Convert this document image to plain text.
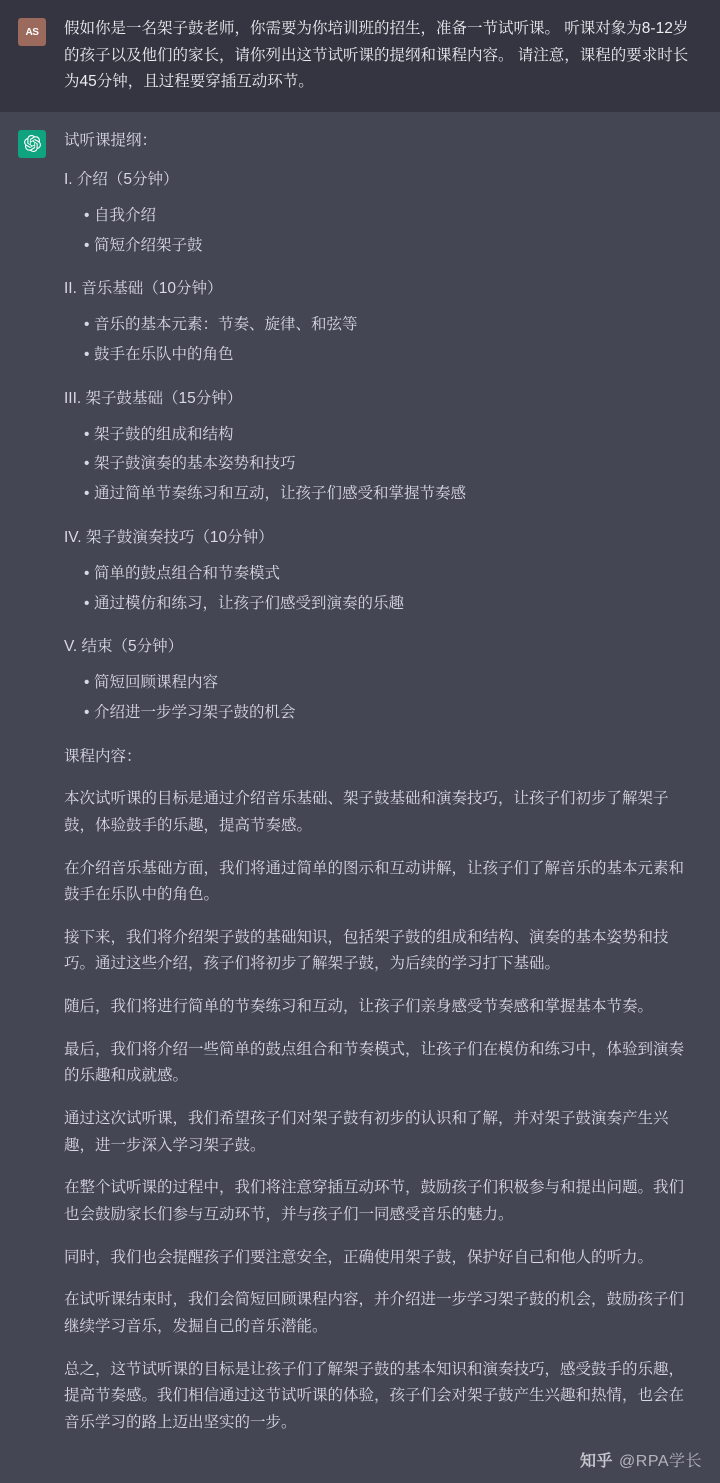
AS 假如你是一名架子鼓老师，你需要为你培训班的招生，准备一节试听课。 听课对象为8-12岁的孩子以及他们的家长，请你列出这节试听课的提纲和课程内容。 请注意，课程的要求时长为45分钟，且过程要穿插互动环节。

试听课提纲：

I. 介绍（5分钟）

• 自我介绍
• 简短介绍架子鼓

II. 音乐基础（10分钟）

• 音乐的基本元素：节奏、旋律、和弦等
• 鼓手在乐队中的角色

III. 架子鼓基础（15分钟）

• 架子鼓的组成和结构
• 架子鼓演奏的基本姿势和技巧
• 通过简单节奏练习和互动，让孩子们感受和掌握节奏感

IV. 架子鼓演奏技巧（10分钟）

• 简单的鼓点组合和节奏模式
• 通过模仿和练习，让孩子们感受到演奏的乐趣

V. 结束（5分钟）

• 简短回顾课程内容
• 介绍进一步学习架子鼓的机会

课程内容：

本次试听课的目标是通过介绍音乐基础、架子鼓基础和演奏技巧，让孩子们初步了解架子鼓，体验鼓手的乐趣，提高节奏感。

在介绍音乐基础方面，我们将通过简单的图示和互动讲解，让孩子们了解音乐的基本元素和鼓手在乐队中的角色。

接下来，我们将介绍架子鼓的基础知识，包括架子鼓的组成和结构、演奏的基本姿势和技巧。通过这些介绍，孩子们将初步了解架子鼓，为后续的学习打下基础。

随后，我们将进行简单的节奏练习和互动，让孩子们亲身感受节奏感和掌握基本节奏。

最后，我们将介绍一些简单的鼓点组合和节奏模式，让孩子们在模仿和练习中，体验到演奏的乐趣和成就感。

通过这次试听课，我们希望孩子们对架子鼓有初步的认识和了解，并对架子鼓演奏产生兴趣，进一步深入学习架子鼓。

在整个试听课的过程中，我们将注意穿插互动环节，鼓励孩子们积极参与和提出问题。我们也会鼓励家长们参与互动环节，并与孩子们一同感受音乐的魅力。

同时，我们也会提醒孩子们要注意安全，正确使用架子鼓，保护好自己和他人的听力。

在试听课结束时，我们会简短回顾课程内容，并介绍进一步学习架子鼓的机会，鼓励孩子们继续学习音乐，发掘自己的音乐潜能。

总之，这节试听课的目标是让孩子们了解架子鼓的基本知识和演奏技巧，感受鼓手的乐趣，提高节奏感。我们相信通过这节试听课的体验，孩子们会对架子鼓产生兴趣和热情，也会在音乐学习的路上迈出坚实的一步。

知乎 @RPA学长
